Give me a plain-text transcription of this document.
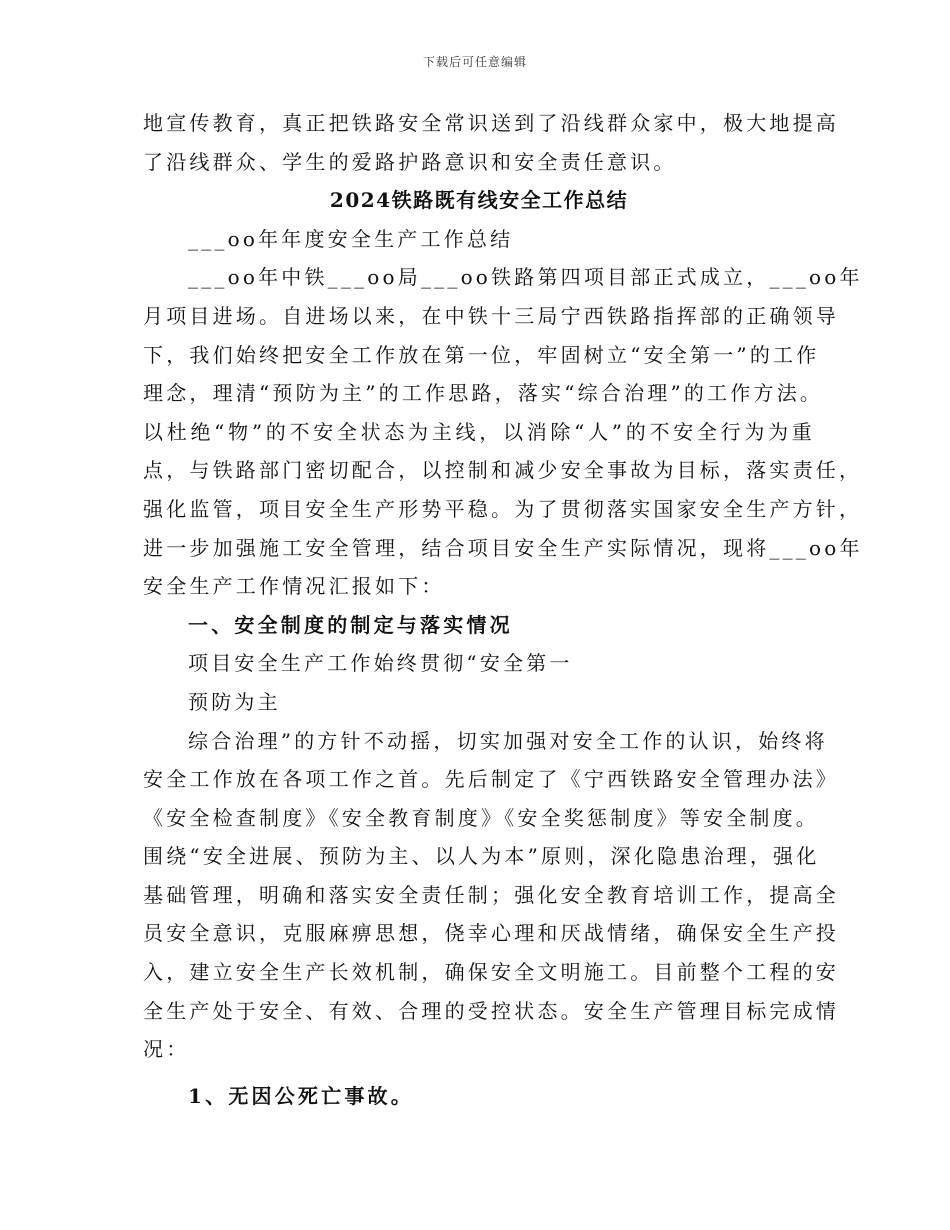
下载后可任意编辑
地宣传教育，真正把铁路安全常识送到了沿线群众家中，极大地提高
了沿线群众、学生的爱路护路意识和安全责任意识。
2024铁路既有线安全工作总结
___oo年年度安全生产工作总结
___oo年中铁___oo局___oo铁路第四项目部正式成立，___oo年
月项目进场。自进场以来，在中铁十三局宁西铁路指挥部的正确领导
下，我们始终把安全工作放在第一位，牢固树立“安全第一”的工作
理念，理清“预防为主”的工作思路，落实“综合治理”的工作方法。
以杜绝“物”的不安全状态为主线，以消除“人”的不安全行为为重
点，与铁路部门密切配合，以控制和减少安全事故为目标，落实责任，
强化监管，项目安全生产形势平稳。为了贯彻落实国家安全生产方针，
进一步加强施工安全管理，结合项目安全生产实际情况，现将___oo年
安全生产工作情况汇报如下：
一、安全制度的制定与落实情况
项目安全生产工作始终贯彻“安全第一
预防为主
综合治理”的方针不动摇，切实加强对安全工作的认识，始终将
安全工作放在各项工作之首。先后制定了《宁西铁路安全管理办法》
《安全检查制度》《安全教育制度》《安全奖惩制度》等安全制度。
围绕“安全进展、预防为主、以人为本”原则，深化隐患治理，强化
基础管理，明确和落实安全责任制；强化安全教育培训工作，提高全
员安全意识，克服麻痹思想，侥幸心理和厌战情绪，确保安全生产投
入，建立安全生产长效机制，确保安全文明施工。目前整个工程的安
全生产处于安全、有效、合理的受控状态。安全生产管理目标完成情
况：
1、无因公死亡事故。
